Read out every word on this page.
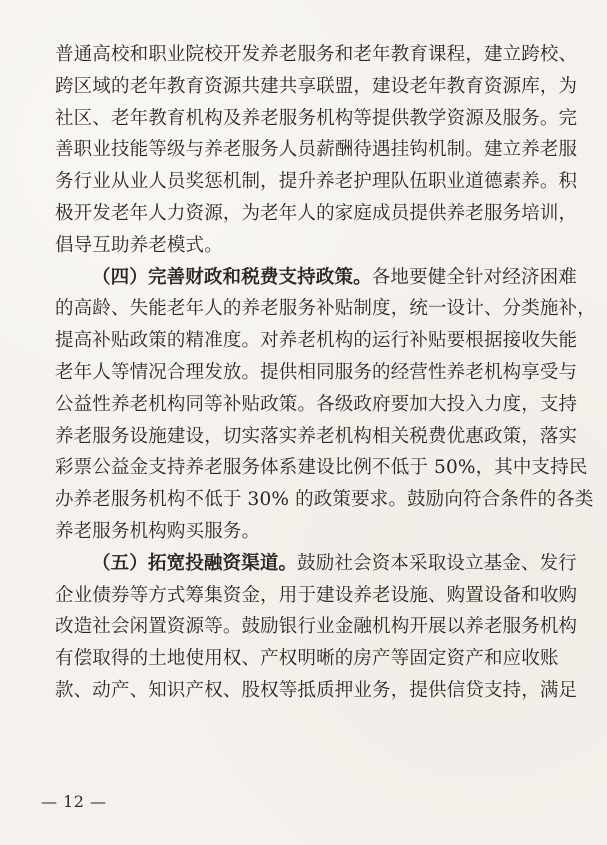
普通高校和职业院校开发养老服务和老年教育课程，建立跨校、
跨区域的老年教育资源共建共享联盟，建设老年教育资源库，为
社区、老年教育机构及养老服务机构等提供教学资源及服务。完
善职业技能等级与养老服务人员薪酬待遇挂钩机制。建立养老服
务行业从业人员奖惩机制，提升养老护理队伍职业道德素养。积
极开发老年人力资源，为老年人的家庭成员提供养老服务培训，
倡导互助养老模式。

（四）完善财政和税费支持政策。各地要健全针对经济困难
的高龄、失能老年人的养老服务补贴制度，统一设计、分类施补，
提高补贴政策的精准度。对养老机构的运行补贴要根据接收失能
老年人等情况合理发放。提供相同服务的经营性养老机构享受与
公益性养老机构同等补贴政策。各级政府要加大投入力度，支持
养老服务设施建设，切实落实养老机构相关税费优惠政策，落实
彩票公益金支持养老服务体系建设比例不低于 50%，其中支持民
办养老服务机构不低于 30% 的政策要求。鼓励向符合条件的各类
养老服务机构购买服务。

（五）拓宽投融资渠道。鼓励社会资本采取设立基金、发行
企业债券等方式筹集资金，用于建设养老设施、购置设备和收购
改造社会闲置资源等。鼓励银行业金融机构开展以养老服务机构
有偿取得的土地使用权、产权明晰的房产等固定资产和应收账
款、动产、知识产权、股权等抵质押业务，提供信贷支持，满足

— 12 —
